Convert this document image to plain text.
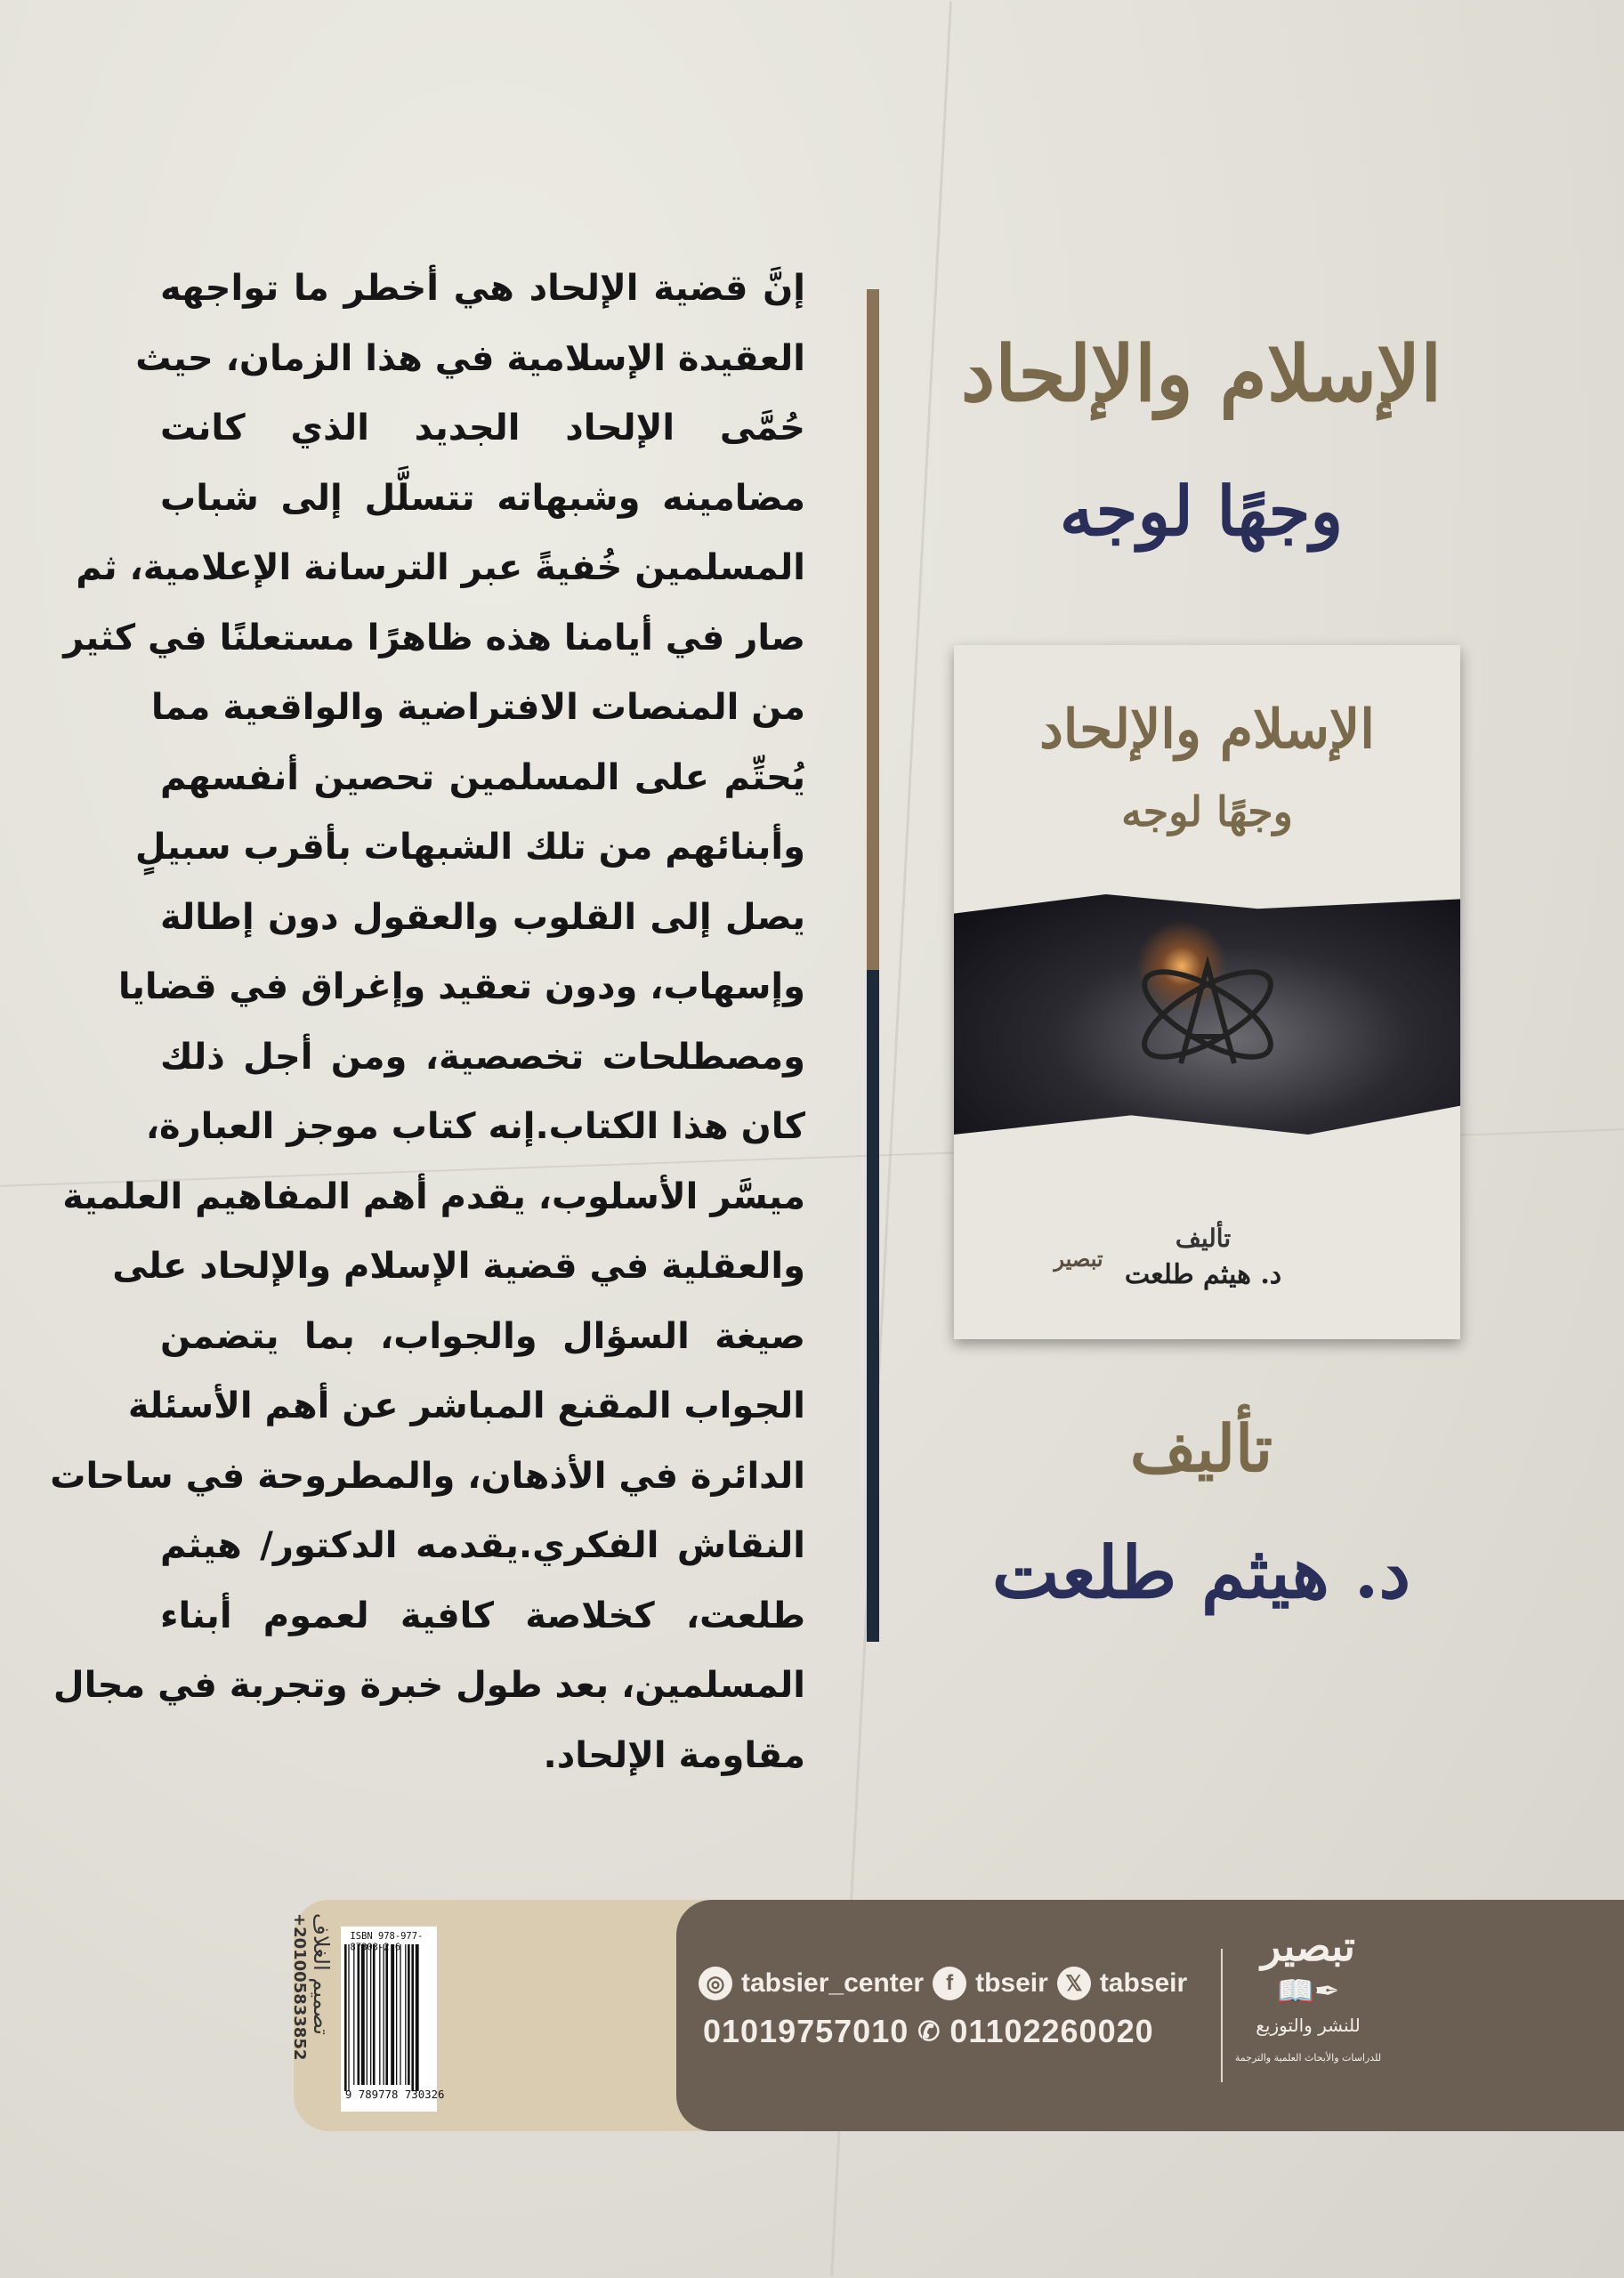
إنَّ قضية الإلحاد هي أخطر ما تواجهه
العقيدة الإسلامية في هذا الزمان، حيث
حُمَّى الإلحاد الجديد الذي كانت
مضامينه وشبهاته تتسلَّل إلى شباب
المسلمين خُفيةً عبر الترسانة الإعلامية، ثم
صار في أيامنا هذه ظاهرًا مستعلنًا في كثير
من المنصات الافتراضية والواقعية مما
يُحتِّم على المسلمين تحصين أنفسهم
وأبنائهم من تلك الشبهات بأقرب سبيلٍ
يصل إلى القلوب والعقول دون إطالة
وإسهاب، ودون تعقيد وإغراق في قضايا
ومصطلحات تخصصية، ومن أجل ذلك
كان هذا الكتاب.إنه كتاب موجز العبارة،
ميسَّر الأسلوب، يقدم أهم المفاهيم العلمية
والعقلية في قضية الإسلام والإلحاد على
صيغة السؤال والجواب، بما يتضمن
الجواب المقنع المباشر عن أهم الأسئلة
الدائرة في الأذهان، والمطروحة في ساحات
النقاش الفكري.يقدمه الدكتور/ هيثم
طلعت، كخلاصة كافية لعموم أبناء
المسلمين، بعد طول خبرة وتجربة في مجال
مقاومة الإلحاد.
الإسلام والإلحاد
وجهًا لوجه
الإسلام والإلحاد
وجهًا لوجه
تأليف
د. هيثم طلعت
تبصير
تأليف
د. هيثم طلعت
تصميم الغلاف
+201005833852	ISBN 978-977-87303-2-6
9 789778 730326
◎ tabsier_center	f tbseir 𝕏 tabseir
01019757010 ✆ 01102260020
تبصير
✒📖
للنشر والتوزيع
للدراسات والأبحاث العلمية والترجمة
